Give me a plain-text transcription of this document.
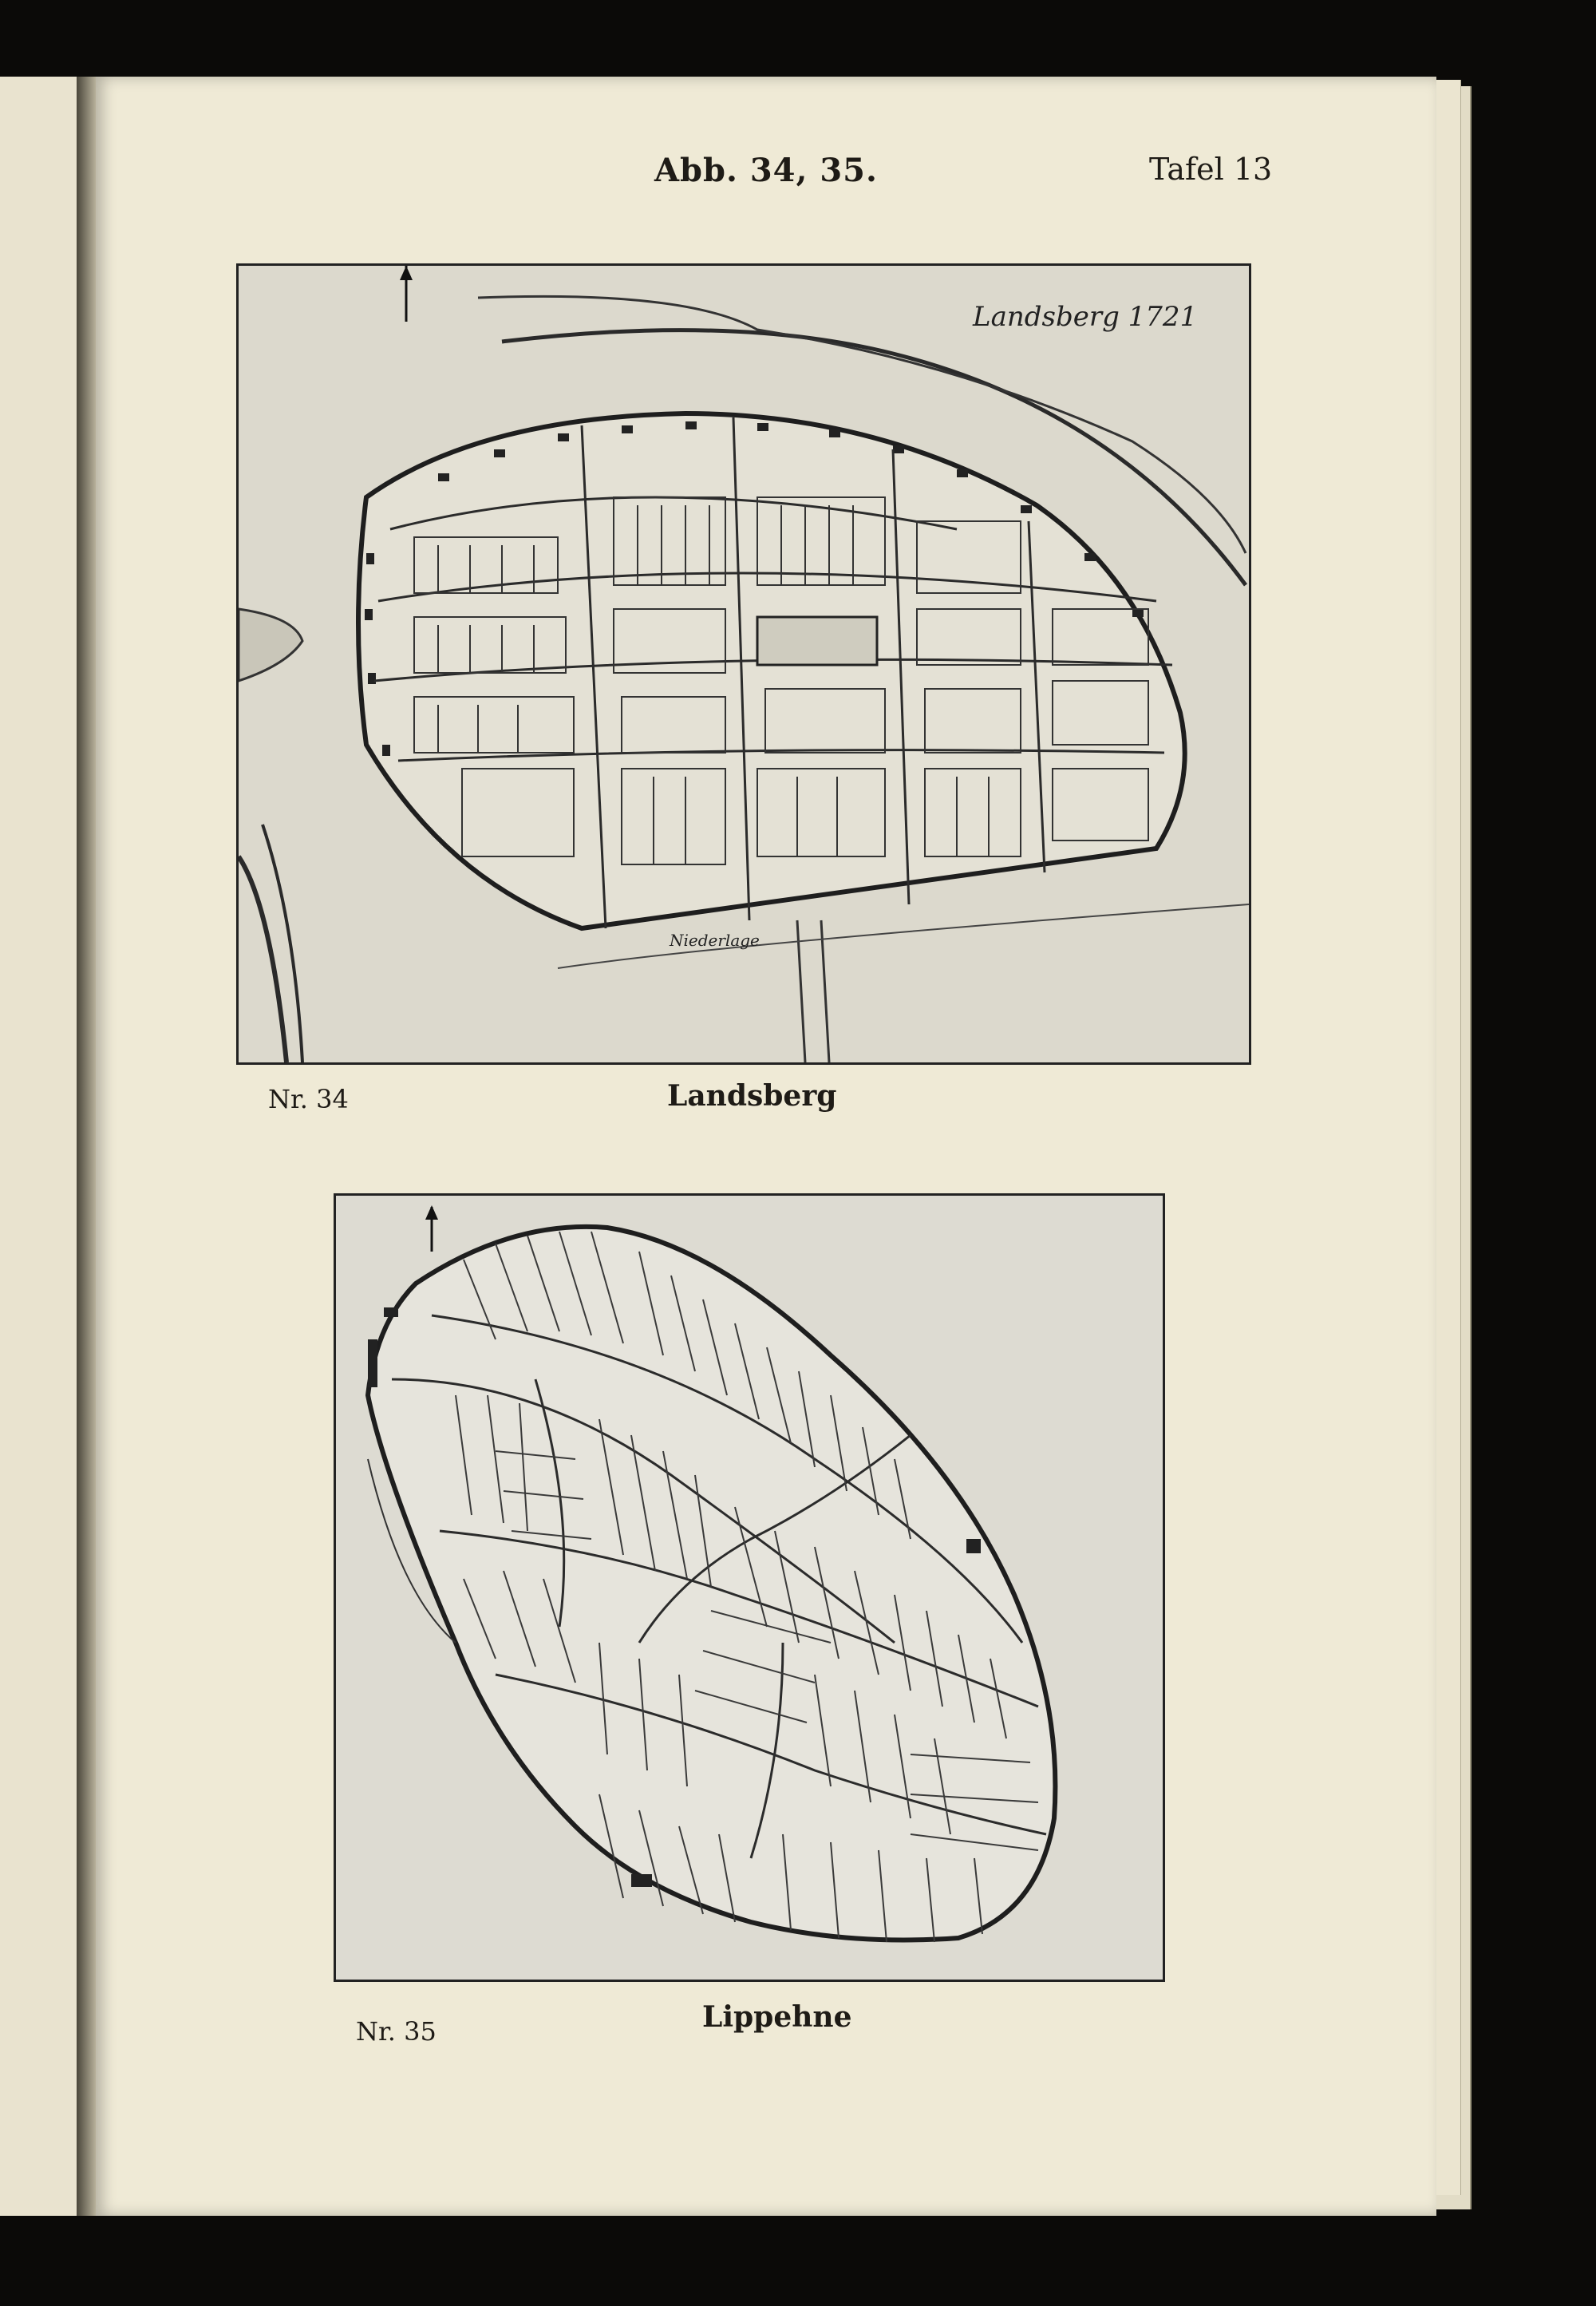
Abb. 34, 35.	Tafel 13
Landsberg 1721
Niederlage
Nr. 34	Landsberg
Nr. 35	Lippehne
